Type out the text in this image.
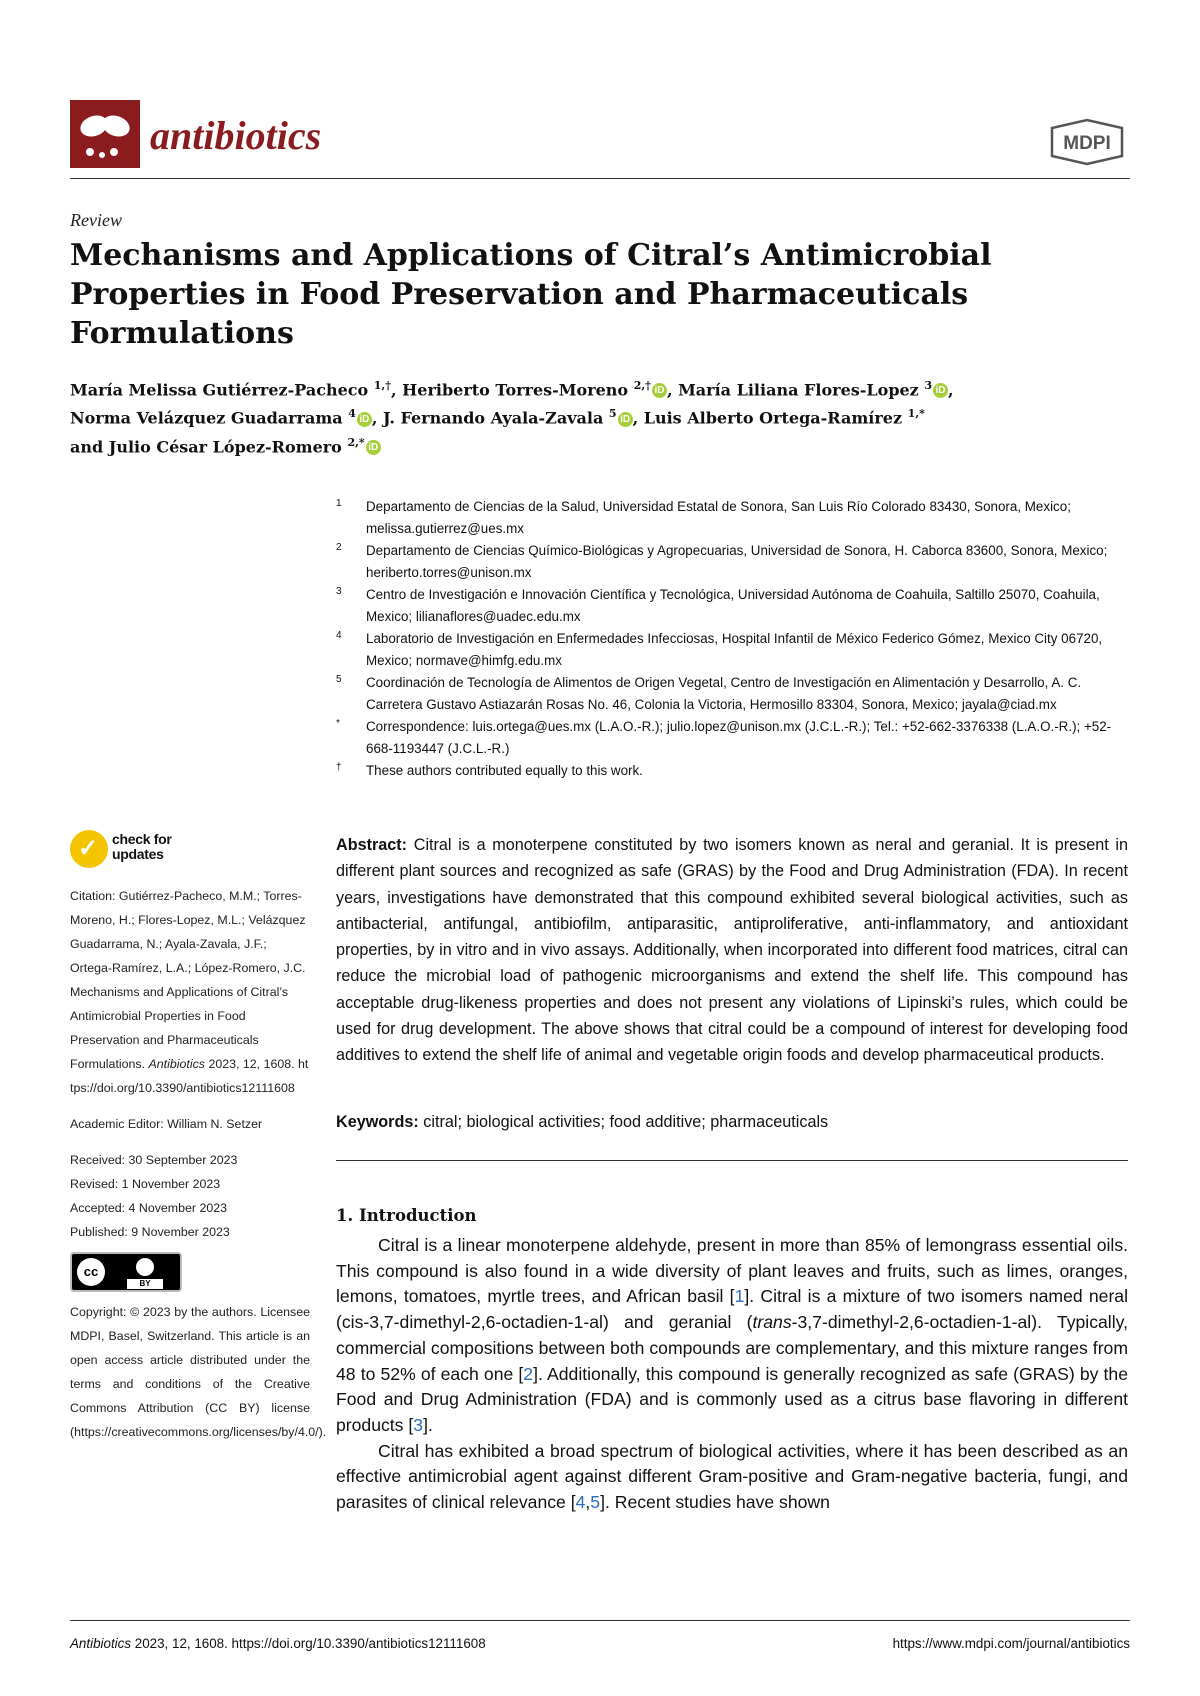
antibiotics	MDPI
Review
Mechanisms and Applications of Citral’s Antimicrobial Properties in Food Preservation and Pharmaceuticals Formulations
María Melissa Gutiérrez-Pacheco $^{1,\dagger}$, Heriberto Torres-Moreno $^{2,\dagger}$ iD , María Liliana Flores-Lopez $^3$ iD ,
Norma Velázquez Guadarrama $^4$ iD , J. Fernando Ayala-Zavala $^5$ iD , Luis Alberto Ortega-Ramírez $^{1,*}$
and Julio César López-Romero $^{2,*}$ iD
1 Departamento de Ciencias de la Salud, Universidad Estatal de Sonora, San Luis Río Colorado 83430, Sonora, Mexico; melissa.gutierrez@ues.mx
2 Departamento de Ciencias Químico-Biológicas y Agropecuarias, Universidad de Sonora, H. Caborca 83600, Sonora, Mexico; heriberto.torres@unison.mx
3 Centro de Investigación e Innovación Científica y Tecnológica, Universidad Autónoma de Coahuila, Saltillo 25070, Coahuila, Mexico; lilianaflores@uadec.edu.mx
4 Laboratorio de Investigación en Enfermedades Infecciosas, Hospital Infantil de México Federico Gómez, Mexico City 06720, Mexico; normave@himfg.edu.mx
5 Coordinación de Tecnología de Alimentos de Origen Vegetal, Centro de Investigación en Alimentación y Desarrollo, A. C. Carretera Gustavo Astiazarán Rosas No. 46, Colonia la Victoria, Hermosillo 83304, Sonora, Mexico; jayala@ciad.mx
* Correspondence: luis.ortega@ues.mx (L.A.O.-R.); julio.lopez@unison.mx (J.C.L.-R.); Tel.: +52-662-3376338 (L.A.O.-R.); +52-668-1193447 (J.C.L.-R.)
† These authors contributed equally to this work.
✓ check for
updates

Citation: Gutiérrez-Pacheco, M.M.; Torres-Moreno, H.; Flores-Lopez, M.L.; Velázquez Guadarrama, N.; Ayala-Zavala, J.F.; Ortega-Ramírez, L.A.; López-Romero, J.C. Mechanisms and Applications of Citral’s Antimicrobial Properties in Food Preservation and Pharmaceuticals Formulations. Antibiotics 2023, 12, 1608. https://doi.org/10.3390/antibiotics12111608

Academic Editor: William N. Setzer

Received: 30 September 2023

Revised: 1 November 2023

Accepted: 4 November 2023

Published: 9 November 2023

cc
BY

Copyright: © 2023 by the authors. Licensee MDPI, Basel, Switzerland. This article is an open access article distributed under the terms and conditions of the Creative Commons Attribution (CC BY) license (https://creativecommons.org/licenses/by/4.0/).

Abstract: Citral is a monoterpene constituted by two isomers known as neral and geranial. It is present in different plant sources and recognized as safe (GRAS) by the Food and Drug Administration (FDA). In recent years, investigations have demonstrated that this compound exhibited several biological activities, such as antibacterial, antifungal, antibiofilm, antiparasitic, antiproliferative, anti-inflammatory, and antioxidant properties, by in vitro and in vivo assays. Additionally, when incorporated into different food matrices, citral can reduce the microbial load of pathogenic microorganisms and extend the shelf life. This compound has acceptable drug-likeness properties and does not present any violations of Lipinski’s rules, which could be used for drug development. The above shows that citral could be a compound of interest for developing food additives to extend the shelf life of animal and vegetable origin foods and develop pharmaceutical products.
Keywords: citral; biological activities; food additive; pharmaceuticals
1. Introduction

Citral is a linear monoterpene aldehyde, present in more than 85% of lemongrass essential oils. This compound is also found in a wide diversity of plant leaves and fruits, such as limes, oranges, lemons, tomatoes, myrtle trees, and African basil [1]. Citral is a mixture of two isomers named neral (cis-3,7-dimethyl-2,6-octadien-1-al) and geranial (trans-3,7-dimethyl-2,6-octadien-1-al). Typically, commercial compositions between both compounds are complementary, and this mixture ranges from 48 to 52% of each one [2]. Additionally, this compound is generally recognized as safe (GRAS) by the Food and Drug Administration (FDA) and is commonly used as a citrus base flavoring in different products [3].

Citral has exhibited a broad spectrum of biological activities, where it has been described as an effective antimicrobial agent against different Gram-positive and Gram-negative bacteria, fungi, and parasites of clinical relevance [4,5]. Recent studies have shown

Antibiotics 2023, 12, 1608. https://doi.org/10.3390/antibiotics12111608	https://www.mdpi.com/journal/antibiotics
